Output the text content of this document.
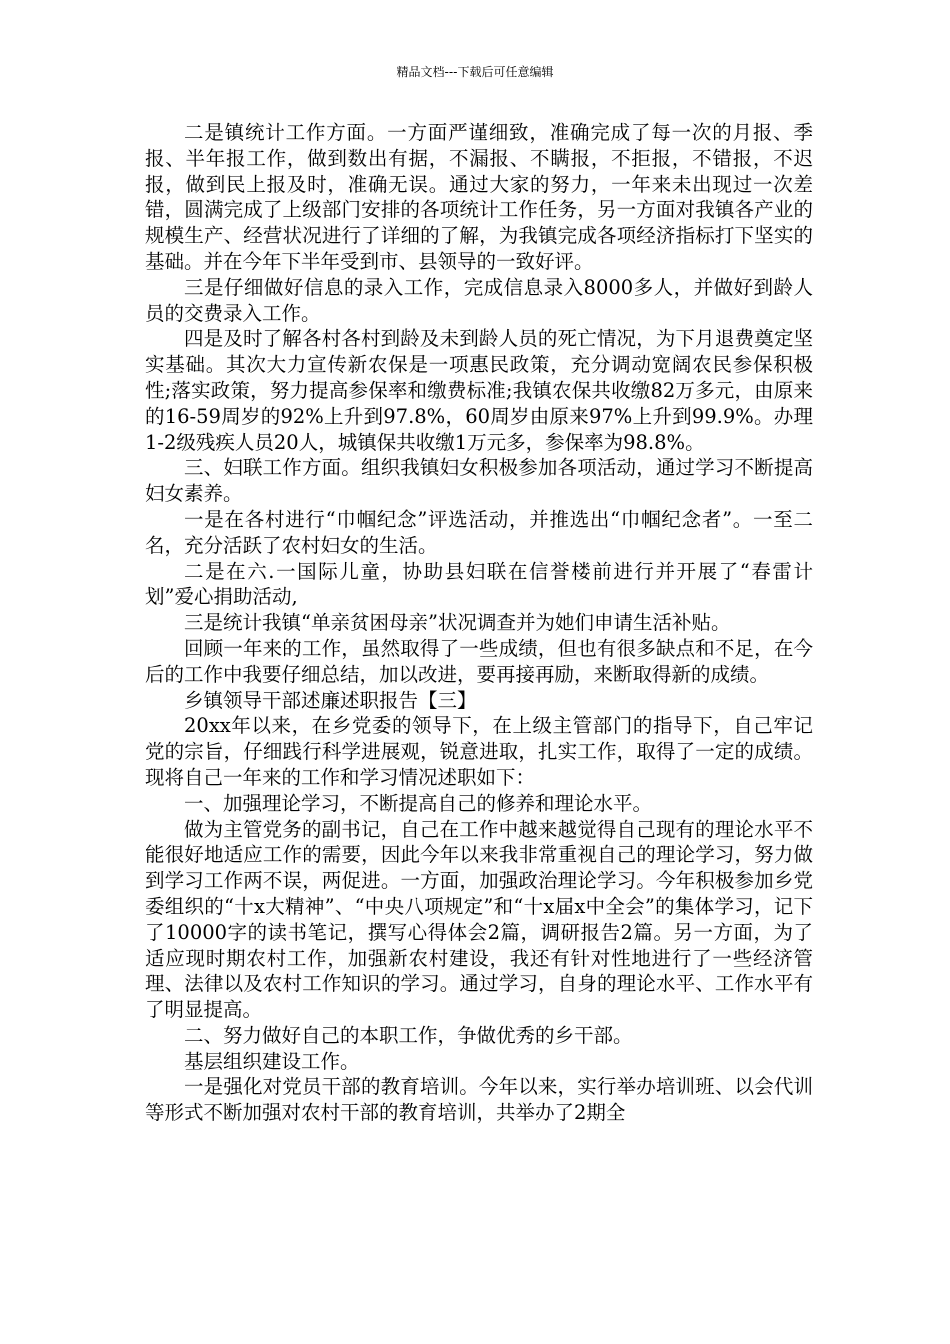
精品文档---下载后可任意编辑

二是镇统计工作方面。一方面严谨细致，准确完成了每一次的月报、季报、半年报工作，做到数出有据，不漏报、不瞒报，不拒报，不错报，不迟报，做到民上报及时，准确无误。通过大家的努力，一年来未出现过一次差错，圆满完成了上级部门安排的各项统计工作任务，另一方面对我镇各产业的规模生产、经营状况进行了详细的了解，为我镇完成各项经济指标打下坚实的基础。并在今年下半年受到市、县领导的一致好评。

三是仔细做好信息的录入工作，完成信息录入8000多人，并做好到龄人员的交费录入工作。

四是及时了解各村各村到龄及未到龄人员的死亡情况，为下月退费奠定坚实基础。其次大力宣传新农保是一项惠民政策，充分调动宽阔农民参保积极性;落实政策，努力提高参保率和缴费标准;我镇农保共收缴82万多元，由原来的16-59周岁的92%上升到97.8%，60周岁由原来97%上升到99.9%。办理1-2级残疾人员20人，城镇保共收缴1万元多，参保率为98.8%。

三、妇联工作方面。组织我镇妇女积极参加各项活动，通过学习不断提高妇女素养。

一是在各村进行“巾帼纪念”评选活动，并推选出“巾帼纪念者”。一至二名，充分活跃了农村妇女的生活。

二是在六.一国际儿童，协助县妇联在信誉楼前进行并开展了“春雷计划”爱心捐助活动,

三是统计我镇“单亲贫困母亲”状况调查并为她们申请生活补贴。

回顾一年来的工作，虽然取得了一些成绩，但也有很多缺点和不足，在今后的工作中我要仔细总结，加以改进，要再接再励，来断取得新的成绩。

乡镇领导干部述廉述职报告【三】

20xx年以来，在乡党委的领导下，在上级主管部门的指导下，自己牢记党的宗旨，仔细践行科学进展观，锐意进取，扎实工作，取得了一定的成绩。现将自己一年来的工作和学习情况述职如下：

一、加强理论学习，不断提高自己的修养和理论水平。

做为主管党务的副书记，自己在工作中越来越觉得自己现有的理论水平不能很好地适应工作的需要，因此今年以来我非常重视自己的理论学习，努力做到学习工作两不误，两促进。一方面，加强政治理论学习。今年积极参加乡党委组织的“十x大精神”、“中央八项规定”和“十x届x中全会”的集体学习，记下了10000字的读书笔记，撰写心得体会2篇，调研报告2篇。另一方面，为了适应现时期农村工作，加强新农村建设，我还有针对性地进行了一些经济管理、法律以及农村工作知识的学习。通过学习，自身的理论水平、工作水平有了明显提高。

二、努力做好自己的本职工作，争做优秀的乡干部。

基层组织建设工作。

一是强化对党员干部的教育培训。今年以来，实行举办培训班、以会代训等形式不断加强对农村干部的教育培训，共举办了2期全
